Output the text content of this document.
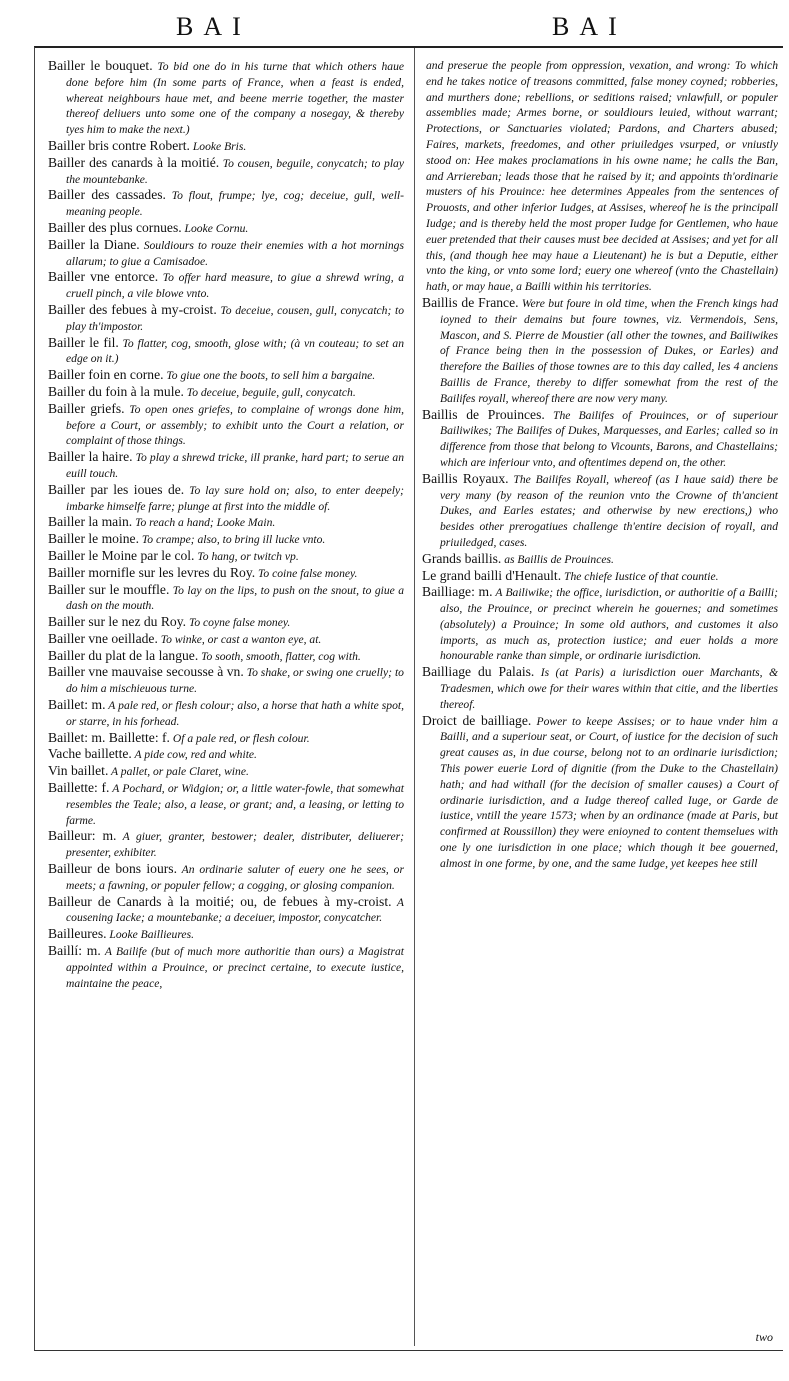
BAI	BAI

Bailler le bouquet. To bid one do in his turne that which others haue done before him (In some parts of France, when a feast is ended, whereat neighbours haue met, and beene merrie together, the master thereof deliuers unto some one of the company a nosegay, & thereby tyes him to make the next.)

Bailler bris contre Robert. Looke Bris.

Bailler des canards à la moitié. To cousen, beguile, conycatch; to play the mountebanke.

Bailler des cassades. To flout, frumpe; lye, cog; deceiue, gull, well-meaning people.

Bailler des plus cornues. Looke Cornu.

Bailler la Diane. Souldiours to rouze their enemies with a hot mornings allarum; to giue a Camisadoe.

Bailler vne entorce. To offer hard measure, to giue a shrewd wring, a cruell pinch, a vile blowe vnto.

Bailler des febues à my-croist. To deceiue, cousen, gull, conycatch; to play th'impostor.

Bailler le fil. To flatter, cog, smooth, glose with; (à vn couteau; to set an edge on it.)

Bailler foin en corne. To giue one the boots, to sell him a bargaine.

Bailler du foin à la mule. To deceiue, beguile, gull, conycatch.

Bailler griefs. To open ones griefes, to complaine of wrongs done him, before a Court, or assembly; to exhibit unto the Court a relation, or complaint of those things.

Bailler la haire. To play a shrewd tricke, ill pranke, hard part; to serue an euill touch.

Bailler par les ioues de. To lay sure hold on; also, to enter deepely; imbarke himselfe farre; plunge at first into the middle of.

Bailler la main. To reach a hand; Looke Main.

Bailler le moine. To crampe; also, to bring ill lucke vnto.

Bailler le Moine par le col. To hang, or twitch vp.

Bailler mornifle sur les levres du Roy. To coine false money.

Bailler sur le mouffle. To lay on the lips, to push on the snout, to giue a dash on the mouth.

Bailler sur le nez du Roy. To coyne false money.

Bailler vne oeillade. To winke, or cast a wanton eye, at.

Bailler du plat de la langue. To sooth, smooth, flatter, cog with.

Bailler vne mauvaise secousse à vn. To shake, or swing one cruelly; to do him a mischieuous turne.

Baillet: m. A pale red, or flesh colour; also, a horse that hath a white spot, or starre, in his forhead.

Baillet: m. Baillette: f. Of a pale red, or flesh colour.

Vache baillette. A pide cow, red and white.

Vin baillet. A pallet, or pale Claret, wine.

Baillette: f. A Pochard, or Widgion; or, a little water-fowle, that somewhat resembles the Teale; also, a lease, or grant; and, a leasing, or letting to farme.

Bailleur: m. A giuer, granter, bestower; dealer, distributer, deliuerer; presenter, exhibiter.

Bailleur de bons iours. An ordinarie saluter of euery one he sees, or meets; a fawning, or populer fellow; a cogging, or glosing companion.

Bailleur de Canards à la moitié; ou, de febues à my-croist. A cousening Iacke; a mountebanke; a deceiuer, impostor, conycatcher.

Bailleures. Looke Baillieures.

Baillí: m. A Bailife (but of much more authoritie than ours) a Magistrat appointed within a Prouince, or precinct certaine, to execute iustice, maintaine the peace,

and preserue the people from oppression, vexation, and wrong: To which end he takes notice of treasons committed, false money coyned; robberies, and murthers done; rebellions, or seditions raised; vnlawfull, or populer assemblies made; Armes borne, or souldiours leuied, without warrant; Protections, or Sanctuaries violated; Pardons, and Charters abused; Faires, markets, freedomes, and other priuiledges vsurped, or vniustly stood on: Hee makes proclamations in his owne name; he calls the Ban, and Arriereban; leads those that he raised by it; and appoints th'ordinarie musters of his Prouince: hee determines Appeales from the sentences of Prouosts, and other inferior Iudges, at Assises, whereof he is the principall Iudge; and is thereby held the most proper Iudge for Gentlemen, who haue euer pretended that their causes must bee decided at Assises; and yet for all this, (and though hee may haue a Lieutenant) he is but a Deputie, either vnto the king, or vnto some lord; euery one whereof (vnto the Chastellain) hath, or may haue, a Bailli within his territories.

Baillis de France. Were but foure in old time, when the French kings had ioyned to their demains but foure townes, viz. Vermendois, Sens, Mascon, and S. Pierre de Moustier (all other the townes, and Bailiwikes of France being then in the possession of Dukes, or Earles) and therefore the Bailies of those townes are to this day called, les 4 anciens Baillis de France, thereby to differ somewhat from the rest of the Bailifes royall, whereof there are now very many.

Baillis de Prouinces. The Bailifes of Prouinces, or of superiour Bailiwikes; The Bailifes of Dukes, Marquesses, and Earles; called so in difference from those that belong to Vicounts, Barons, and Chastellains; which are inferiour vnto, and oftentimes depend on, the other.

Baillis Royaux. The Bailifes Royall, whereof (as I haue said) there be very many (by reason of the reunion vnto the Crowne of th'ancient Dukes, and Earles estates; and otherwise by new erections,) who besides other prerogatiues challenge th'entire decision of royall, and priuiledged, cases.

Grands baillis. as Baillis de Prouinces.

Le grand bailli d'Henault. The chiefe Iustice of that countie.

Bailliage: m. A Bailiwike; the office, iurisdiction, or authoritie of a Bailli; also, the Prouince, or precinct wherein he gouernes; and sometimes (absolutely) a Prouince; In some old authors, and customes it also imports, as much as, protection iustice; and euer holds a more honourable ranke than simple, or ordinarie iurisdiction.

Bailliage du Palais. Is (at Paris) a iurisdiction ouer Marchants, & Tradesmen, which owe for their wares within that citie, and the liberties thereof.

Droict de bailliage. Power to keepe Assises; or to haue vnder him a Bailli, and a superiour seat, or Court, of iustice for the decision of such great causes as, in due course, belong not to an ordinarie iurisdiction; This power euerie Lord of dignitie (from the Duke to the Chastellain) hath; and had withall (for the decision of smaller causes) a Court of ordinarie iurisdiction, and a Iudge thereof called Iuge, or Garde de iustice, vntill the yeare 1573; when by an ordinance (made at Paris, but confirmed at Roussillon) they were enioyned to content themselues with one ly one iurisdiction in one place; which though it bee gouerned, almost in one forme, by one, and the same Iudge, yet keepes hee still

two
